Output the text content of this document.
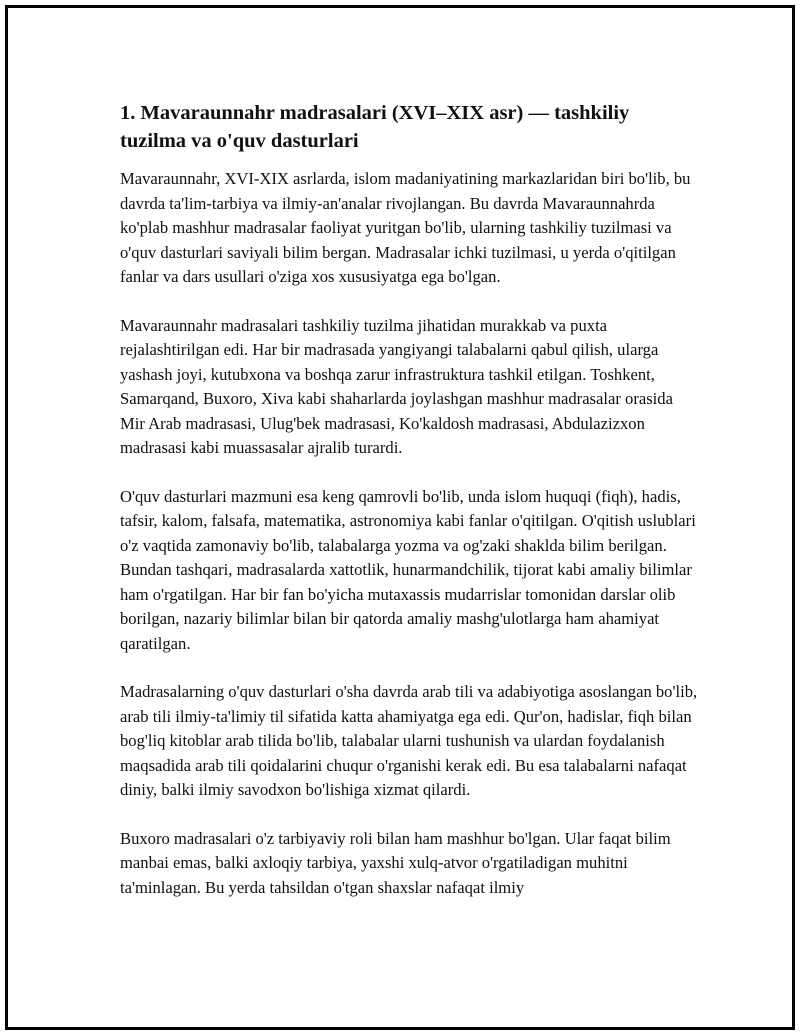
1. Mavaraunnahr madrasalari (XVI–XIX asr) — tashkiliy tuzilma va o'quv dasturlari

Mavaraunnahr, XVI-XIX asrlarda, islom madaniyatining markazlaridan biri bo'lib, bu davrda ta'lim-tarbiya va ilmiy-an'analar rivojlangan. Bu davrda Mavaraunnahrda ko'plab mashhur madrasalar faoliyat yuritgan bo'lib, ularning tashkiliy tuzilmasi va o'quv dasturlari saviyali bilim bergan. Madrasalar ichki tuzilmasi, u yerda o'qitilgan fanlar va dars usullari o'ziga xos xususiyatga ega bo'lgan.

Mavaraunnahr madrasalari tashkiliy tuzilma jihatidan murakkab va puxta rejalashtirilgan edi. Har bir madrasada yangiyangi talabalarni qabul qilish, ularga yashash joyi, kutubxona va boshqa zarur infrastruktura tashkil etilgan. Toshkent, Samarqand, Buxoro, Xiva kabi shaharlarda joylashgan mashhur madrasalar orasida Mir Arab madrasasi, Ulug'bek madrasasi, Ko'kaldosh madrasasi, Abdulazizxon madrasasi kabi muassasalar ajralib turardi.

O'quv dasturlari mazmuni esa keng qamrovli bo'lib, unda islom huquqi (fiqh), hadis, tafsir, kalom, falsafa, matematika, astronomiya kabi fanlar o'qitilgan. O'qitish uslublari o'z vaqtida zamonaviy bo'lib, talabalarga yozma va og'zaki shaklda bilim berilgan. Bundan tashqari, madrasalarda xattotlik, hunarmandchilik, tijorat kabi amaliy bilimlar ham o'rgatilgan. Har bir fan bo'yicha mutaxassis mudarrislar tomonidan darslar olib borilgan, nazariy bilimlar bilan bir qatorda amaliy mashg'ulotlarga ham ahamiyat qaratilgan.

Madrasalarning o'quv dasturlari o'sha davrda arab tili va adabiyotiga asoslangan bo'lib, arab tili ilmiy-ta'limiy til sifatida katta ahamiyatga ega edi. Qur'on, hadislar, fiqh bilan bog'liq kitoblar arab tilida bo'lib, talabalar ularni tushunish va ulardan foydalanish maqsadida arab tili qoidalarini chuqur o'rganishi kerak edi. Bu esa talabalarni nafaqat diniy, balki ilmiy savodxon bo'lishiga xizmat qilardi.

Buxoro madrasalari o'z tarbiyaviy roli bilan ham mashhur bo'lgan. Ular faqat bilim manbai emas, balki axloqiy tarbiya, yaxshi xulq-atvor o'rgatiladigan muhitni ta'minlagan. Bu yerda tahsildan o'tgan shaxslar nafaqat ilmiy
